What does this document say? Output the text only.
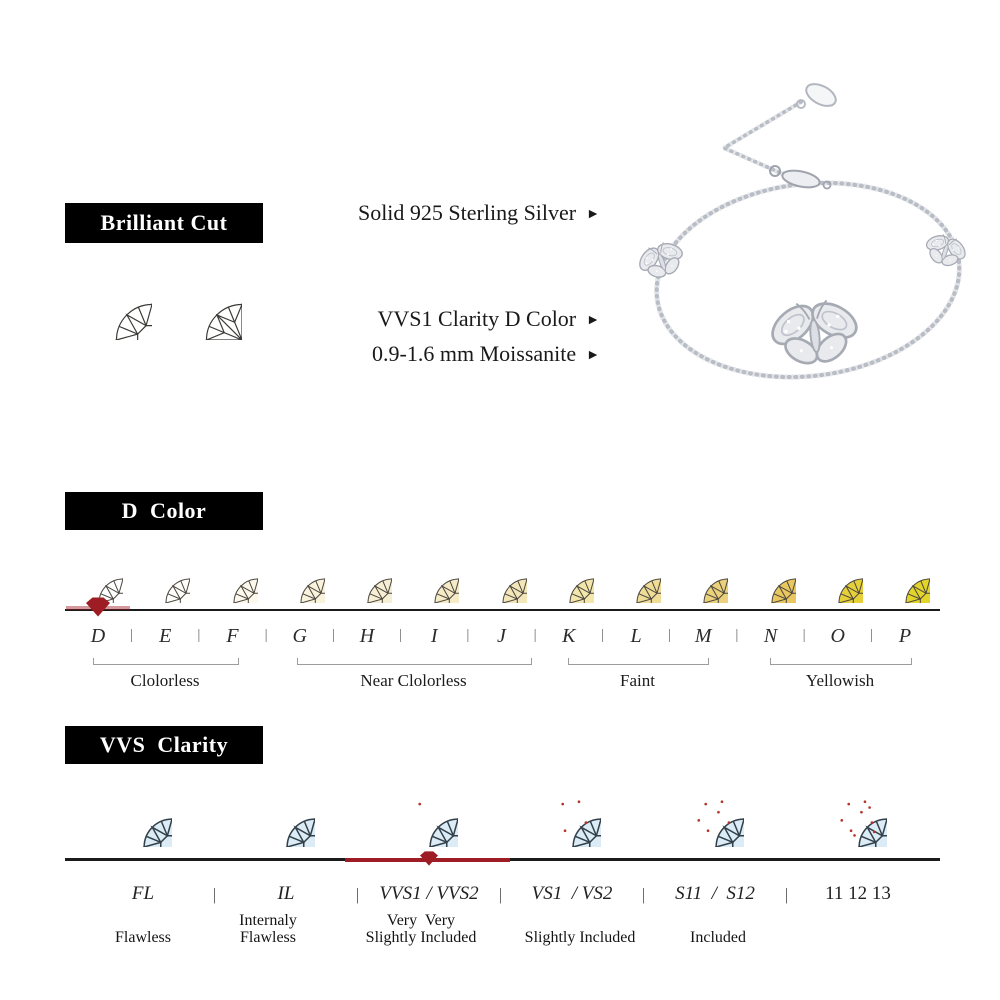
Brilliant Cut
D  Color
VVS  Clarity
Solid 925 Sterling Silver ►
VVS1 Clarity D Color ►
0.9-1.6 mm Moissanite ►
D | E | F | G | H | I | J | K | L | M | N | O | P
Clolorless	Near Clolorless	Faint	Yellowish
FL	|
Flawless
IL	|
Internaly
Flawless
VVS1 / VVS2 |
Very  Very
Slightly Included
VS1  / VS2 |
Slightly Included
S11  /  S12 |
Included
11 12 13
